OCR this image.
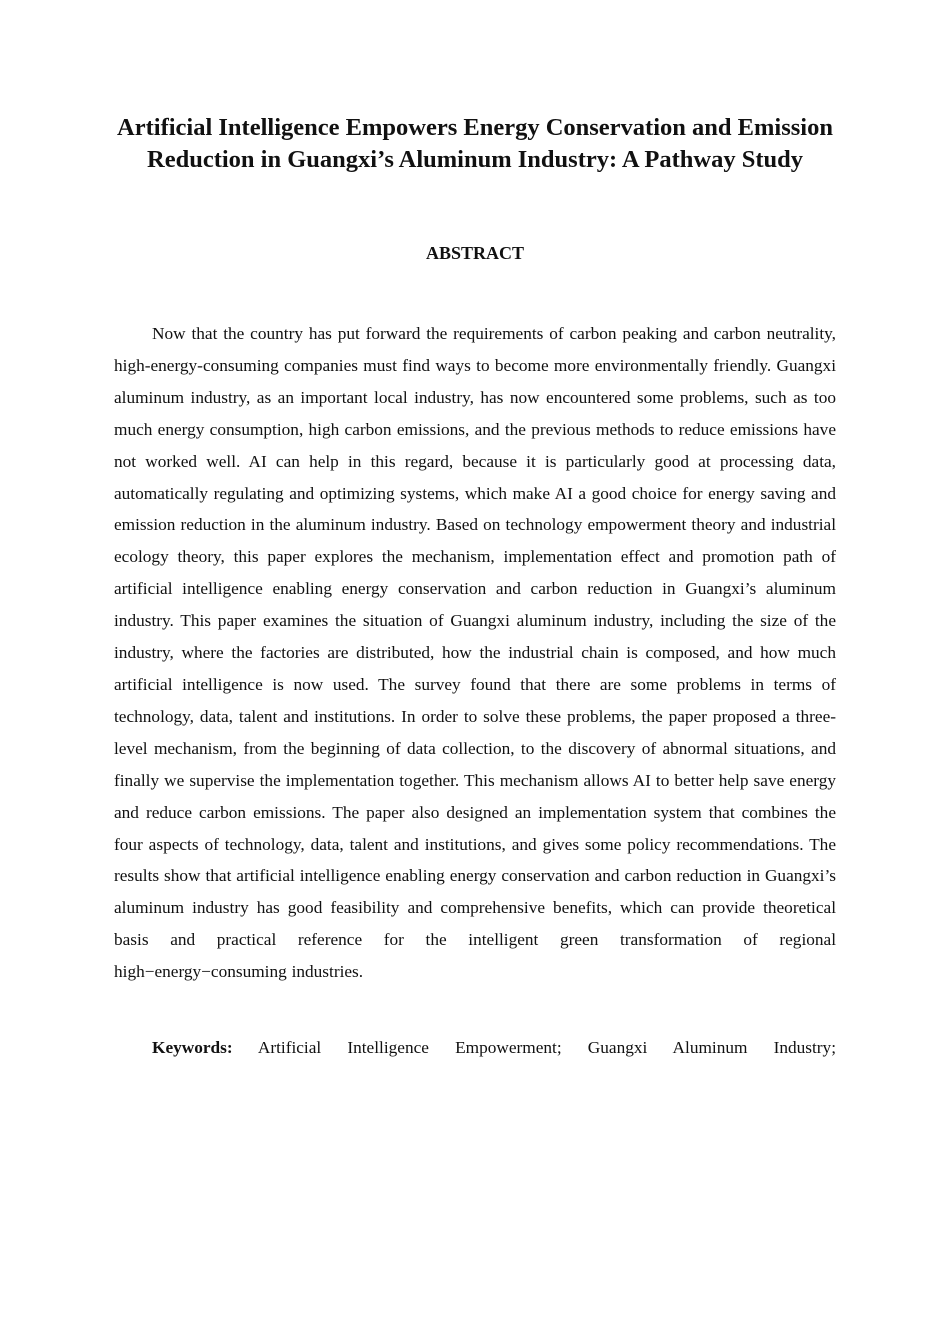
Artificial Intelligence Empowers Energy Conservation and Emission Reduction in Guangxi’s Aluminum Industry: A Pathway Study
ABSTRACT

Now that the country has put forward the requirements of carbon peaking and carbon neutrality, high-energy-consuming companies must find ways to become more environmentally friendly. Guangxi aluminum industry, as an important local industry, has now encountered some problems, such as too much energy consumption, high carbon emissions, and the previous methods to reduce emissions have not worked well. AI can help in this regard, because it is particularly good at processing data, automatically regulating and optimizing systems, which make AI a good choice for energy saving and emission reduction in the aluminum industry. Based on technology empowerment theory and industrial ecology theory, this paper explores the mechanism, implementation effect and promotion path of artificial intelligence enabling energy conservation and carbon reduction in Guangxi’s aluminum industry. This paper examines the situation of Guangxi aluminum industry, including the size of the industry, where the factories are distributed, how the industrial chain is composed, and how much artificial intelligence is now used. The survey found that there are some problems in terms of technology, data, talent and institutions. In order to solve these problems, the paper proposed a three-level mechanism, from the beginning of data collection, to the discovery of abnormal situations, and finally we supervise the implementation together. This mechanism allows AI to better help save energy and reduce carbon emissions. The paper also designed an implementation system that combines the four aspects of technology, data, talent and institutions, and gives some policy recommendations. The results show that artificial intelligence enabling energy conservation and carbon reduction in Guangxi’s aluminum industry has good feasibility and comprehensive benefits, which can provide theoretical basis and practical reference for the intelligent green transformation of regional high−energy−consuming industries.

Keywords: Artificial Intelligence Empowerment; Guangxi Aluminum Industry;
